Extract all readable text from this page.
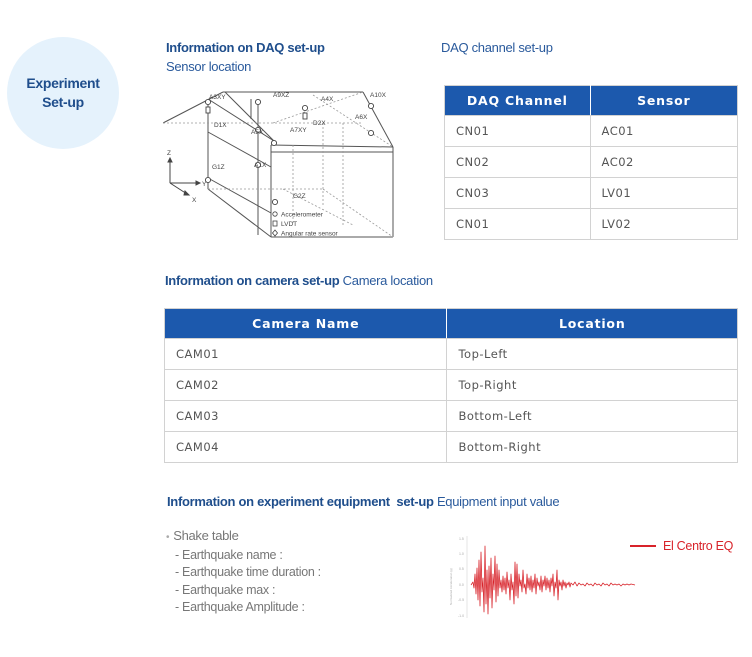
Experiment
Set-up
Information on DAQ set-up
Sensor location
A3XY	A9XZ
A4X
A10X
D1X	D2X
A6X
A5X	A7XY
G1Z	A1X
G2Z
Z
Y
X
Accelerometer
LVDT
Angular rate sensor
DAQ channel set-up
DAQ Channel	Sensor
CN01	AC01
CN02	AC02
CN03	LV01
CN01	LV02
Information on camera set-up Camera location
Camera Name	Location
CAM01	Top-Left
CAM02	Top-Right
CAM03	Bottom-Left
CAM04	Bottom-Right
Information on experiment equipment  set-up Equipment input value
• Shake table
- Earthquake name :
- Earthquake time duration :
- Earthquake max :
- Earthquake Amplitude :
1.5
1.0
0.5
0.0
-0.5
-1.0
Normalized Acceleration (g)
El Centro EQ
